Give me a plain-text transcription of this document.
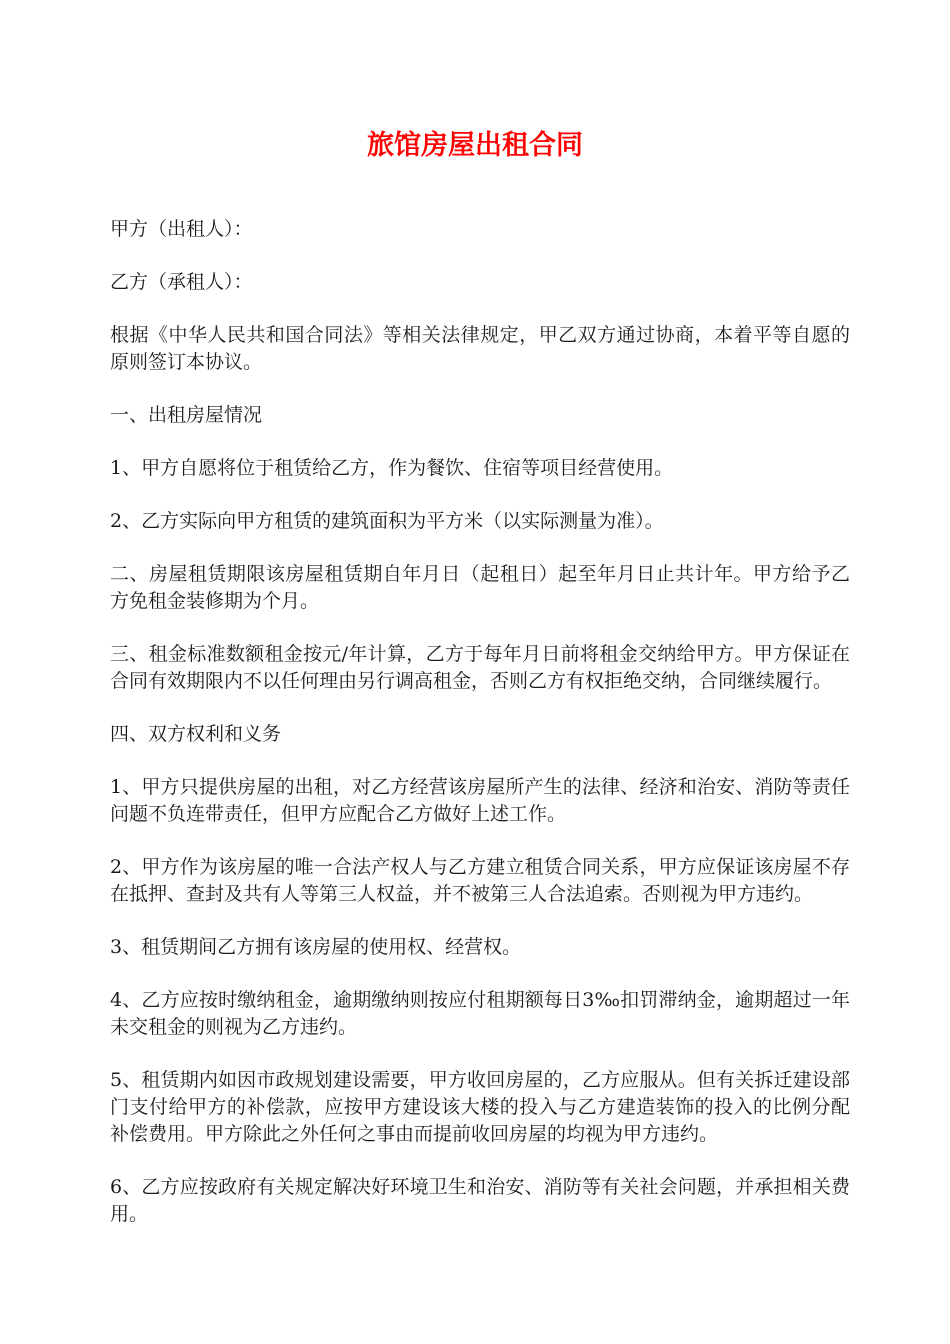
旅馆房屋出租合同

甲方（出租人）：

乙方（承租人）：

根据《中华人民共和国合同法》等相关法律规定，甲乙双方通过协商，本着平等自愿的原则签订本协议。

一、出租房屋情况

1、甲方自愿将位于租赁给乙方，作为餐饮、住宿等项目经营使用。

2、乙方实际向甲方租赁的建筑面积为平方米（以实际测量为准）。

二、房屋租赁期限该房屋租赁期自年月日（起租日）起至年月日止共计年。甲方给予乙方免租金装修期为个月。

三、租金标准数额租金按元/年计算，乙方于每年月日前将租金交纳给甲方。甲方保证在合同有效期限内不以任何理由另行调高租金，否则乙方有权拒绝交纳，合同继续履行。

四、双方权利和义务

1、甲方只提供房屋的出租，对乙方经营该房屋所产生的法律、经济和治安、消防等责任问题不负连带责任，但甲方应配合乙方做好上述工作。

2、甲方作为该房屋的唯一合法产权人与乙方建立租赁合同关系，甲方应保证该房屋不存在抵押、查封及共有人等第三人权益，并不被第三人合法追索。否则视为甲方违约。

3、租赁期间乙方拥有该房屋的使用权、经营权。

4、乙方应按时缴纳租金，逾期缴纳则按应付租期额每日3‰扣罚滞纳金，逾期超过一年未交租金的则视为乙方违约。

5、租赁期内如因市政规划建设需要，甲方收回房屋的，乙方应服从。但有关拆迁建设部门支付给甲方的补偿款，应按甲方建设该大楼的投入与乙方建造装饰的投入的比例分配补偿费用。甲方除此之外任何之事由而提前收回房屋的均视为甲方违约。

6、乙方应按政府有关规定解决好环境卫生和治安、消防等有关社会问题，并承担相关费用。
